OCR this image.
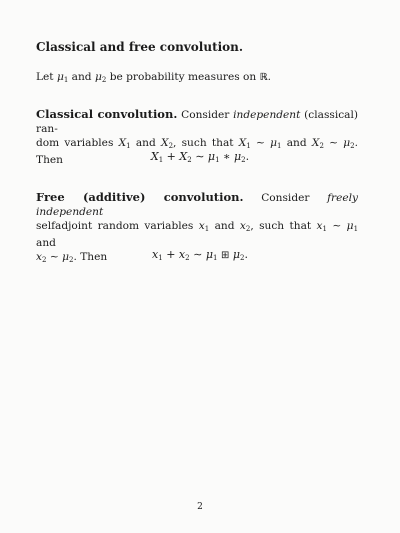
Classical and free convolution.
Let $\mu_1$ and $\mu_2$ be probability measures on ℝ.
Classical convolution. Consider independent (classical) ran-
dom variables $X_1$ and $X_2$, such that $X_1$ ∼ $\mu_1$ and $X_2$ ∼ $\mu_2$. Then	$X_1 + X_2$ ∼ $\mu_1$ ∗ $\mu_2$.
Free (additive) convolution. Consider freely independent
selfadjoint random variables $x_1$ and $x_2$, such that $x_1$ ∼ $\mu_1$ and
$x_2$ ∼ $\mu_2$. Then	$x_1 + x_2$ ∼ $\mu_1$ ⊞ $\mu_2$.
2
